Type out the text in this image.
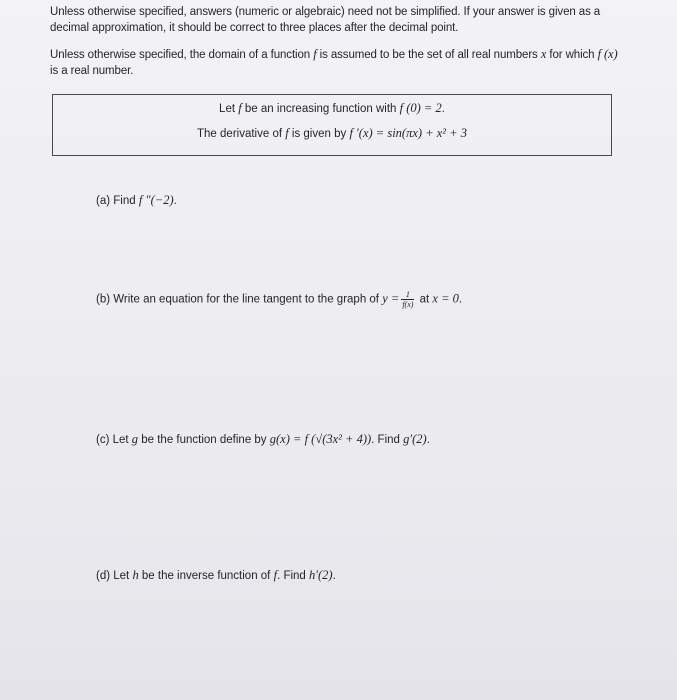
Unless otherwise specified, answers (numeric or algebraic) need not be simplified. If your answer is given as a decimal approximation, it should be correct to three places after the decimal point.
Unless otherwise specified, the domain of a function f is assumed to be the set of all real numbers x for which f (x) is a real number.
Let f be an increasing function with f (0) = 2.
The derivative of f is given by f ′(x) = sin(πx) + x² + 3
(a) Find f ″(−2).
(b) Write an equation for the line tangent to the graph of $y = \frac{1}{f(x)}$ at x = 0.
(c) Let g be the function define by g(x) = f (√(3x² + 4)). Find g′(2).
(d) Let h be the inverse function of f. Find h′(2).
